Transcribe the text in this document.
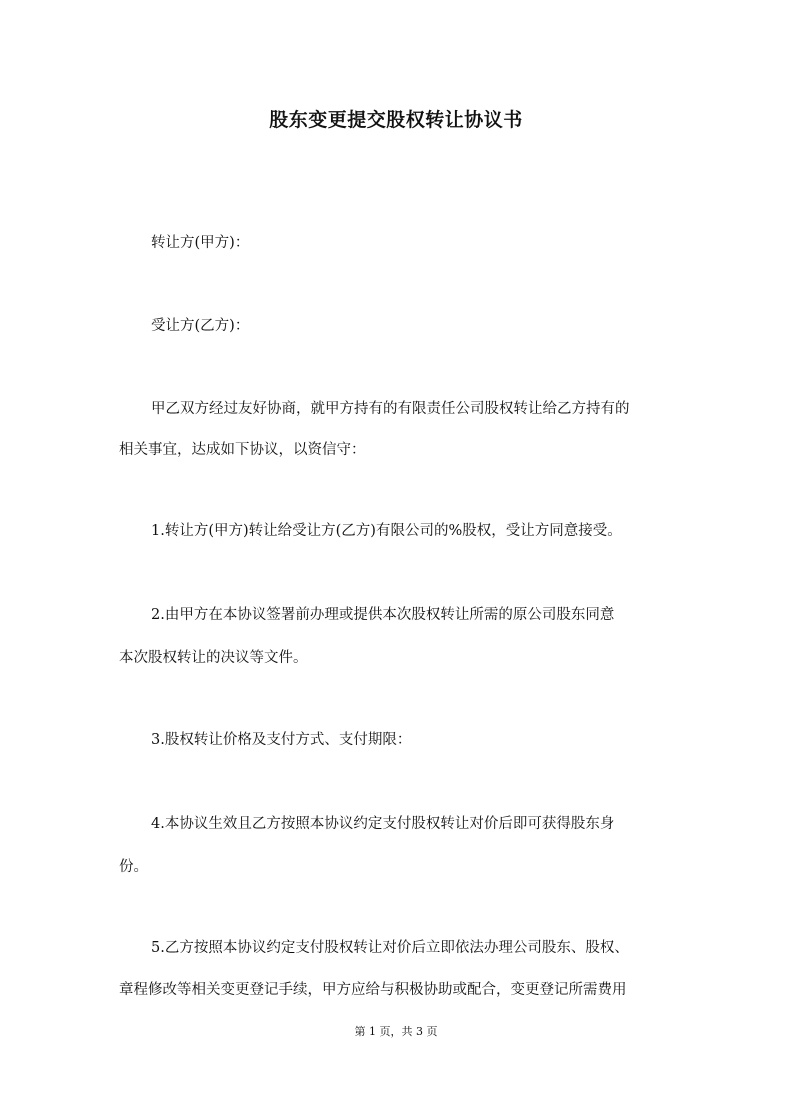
股东变更提交股权转让协议书
转让方(甲方)：
受让方(乙方)：
甲乙双方经过友好协商，就甲方持有的有限责任公司股权转让给乙方持有的
相关事宜，达成如下协议，以资信守：
1.转让方(甲方)转让给受让方(乙方)有限公司的%股权，受让方同意接受。
2.由甲方在本协议签署前办理或提供本次股权转让所需的原公司股东同意
本次股权转让的决议等文件。
3.股权转让价格及支付方式、支付期限：
4.本协议生效且乙方按照本协议约定支付股权转让对价后即可获得股东身
份。
5.乙方按照本协议约定支付股权转让对价后立即依法办理公司股东、股权、
章程修改等相关变更登记手续，甲方应给与积极协助或配合，变更登记所需费用
第 1 页，共 3 页
